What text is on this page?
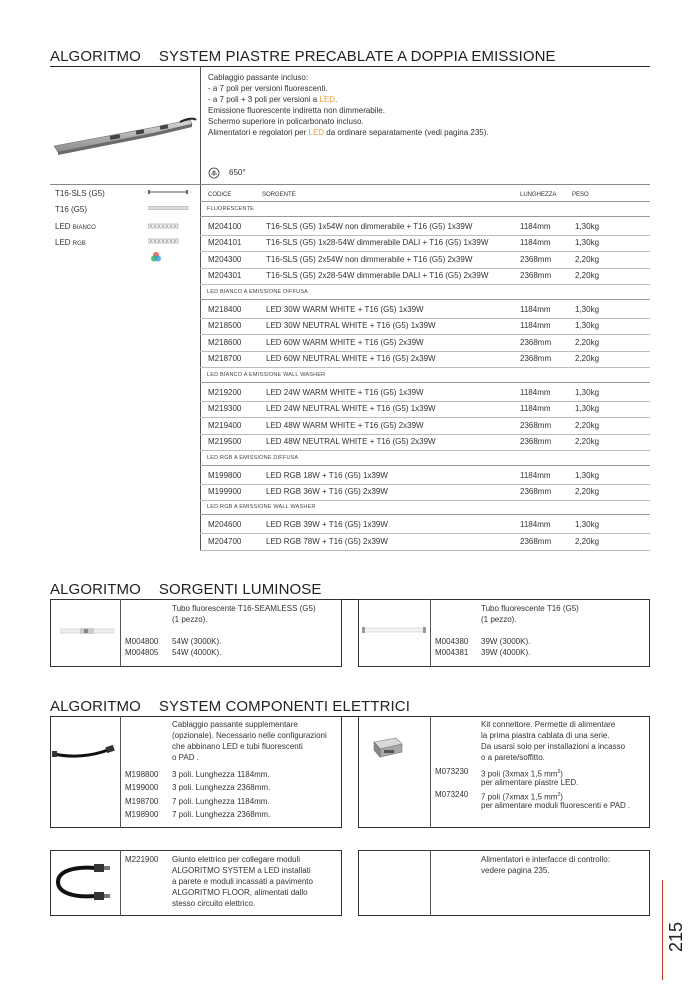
ALGORITMO SYSTEM PIASTRE PRECABLATE A DOPPIA EMISSIONE
Cablaggio passante incluso:
- a 7 poli per versioni fluorescenti.
- a 7 poli + 3 poli per versioni a LED.
Emissione fluorescente indiretta non dimmerabile.
Schermo superiore in policarbonato incluso.
Alimentatori e regolatori per LED da ordinare separatamente (vedi pagina 235).
650°
T16-SLS (G5)
T16 (G5)
LED BIANCO
LED RGB
CODICE	SORGENTE	LUNGHEZZA	PESO
FLUORESCENTE
LED BIANCO A EMISSIONE DIFFUSA
LED BIANCO A EMISSIONE WALL WASHER
LED RGB A EMISSIONE DIFFUSA
LED RGB A EMISSIONE WALL WASHER
M204100	T16-SLS (G5) 1x54W non dimmerabile + T16 (G5) 1x39W	1184mm	1,30kg
M204101	T16-SLS (G5) 1x28-54W dimmerabile DALI + T16 (G5) 1x39W	1184mm	1,30kg
M204300	T16-SLS (G5) 2x54W non dimmerabile + T16 (G5) 2x39W	2368mm	2,20kg
M204301	T16-SLS (G5) 2x28-54W dimmerabile DALI + T16 (G5) 2x39W	2368mm	2,20kg
M218400	LED 30W WARM WHITE + T16 (G5) 1x39W	1184mm	1,30kg
M218500	LED 30W NEUTRAL WHITE + T16 (G5) 1x39W	1184mm	1,30kg
M218600	LED 60W WARM WHITE + T16 (G5) 2x39W	2368mm	2,20kg
M218700	LED 60W NEUTRAL WHITE + T16 (G5) 2x39W	2368mm	2,20kg
M219200	LED 24W WARM WHITE + T16 (G5) 1x39W	1184mm	1,30kg
M219300	LED 24W NEUTRAL WHITE + T16 (G5) 1x39W	1184mm	1,30kg
M219400	LED 48W WARM WHITE + T16 (G5) 2x39W	2368mm	2,20kg
M219500	LED 48W NEUTRAL WHITE + T16 (G5) 2x39W	2368mm	2,20kg
M199800	LED RGB 18W + T16 (G5) 1x39W	1184mm	1,30kg
M199900	LED RGB 36W + T16 (G5) 2x39W	2368mm	2,20kg
M204600	LED RGB 39W + T16 (G5) 1x39W	1184mm	1,30kg
M204700	LED RGB 78W + T16 (G5) 2x39W	2368mm	2,20kg
ALGORITMO SORGENTI LUMINOSE
Tubo fluorescente T16-SEAMLESS (G5)
(1 pezzo).
M004800 54W (3000K).
M004805 54W (4000K).
Tubo fluorescente T16 (G5)
(1 pezzo).
M004380 39W (3000K).
M004381 39W (4000K).
ALGORITMO SYSTEM COMPONENTI ELETTRICI
Cablaggio passante supplementare
(opzionale). Necessario nelle configurazioni
che abbinano LED e tubi fluorescenti
o PAD .
M198800 3 poli. Lunghezza 1184mm.
M199000 3 poli. Lunghezza 2368mm.
M198700 7 poli. Lunghezza 1184mm.
M198900 7 poli. Lunghezza 2368mm.
Kit connettore. Permette di alimentare
la prima piastra cablata di una serie.
Da usarsi solo per installazioni a incasso
o a parete/soffitto.
M073230 3 poli (3xmax 1,5 $mm^2$)
per alimentare piastre LED.
M073240 7 poli (7xmax 1,5 $mm^2$)
per alimentare moduli fluorescenti e PAD .
M221900 Giunto elettrico per collegare moduli
ALGORITMO SYSTEM a LED installati
a parete e moduli incassati a pavimento
ALGORITMO FLOOR, alimentati dallo
stesso circuito elettrico.
Alimentatori e interfacce di controllo:
vedere pagina 235.
215
